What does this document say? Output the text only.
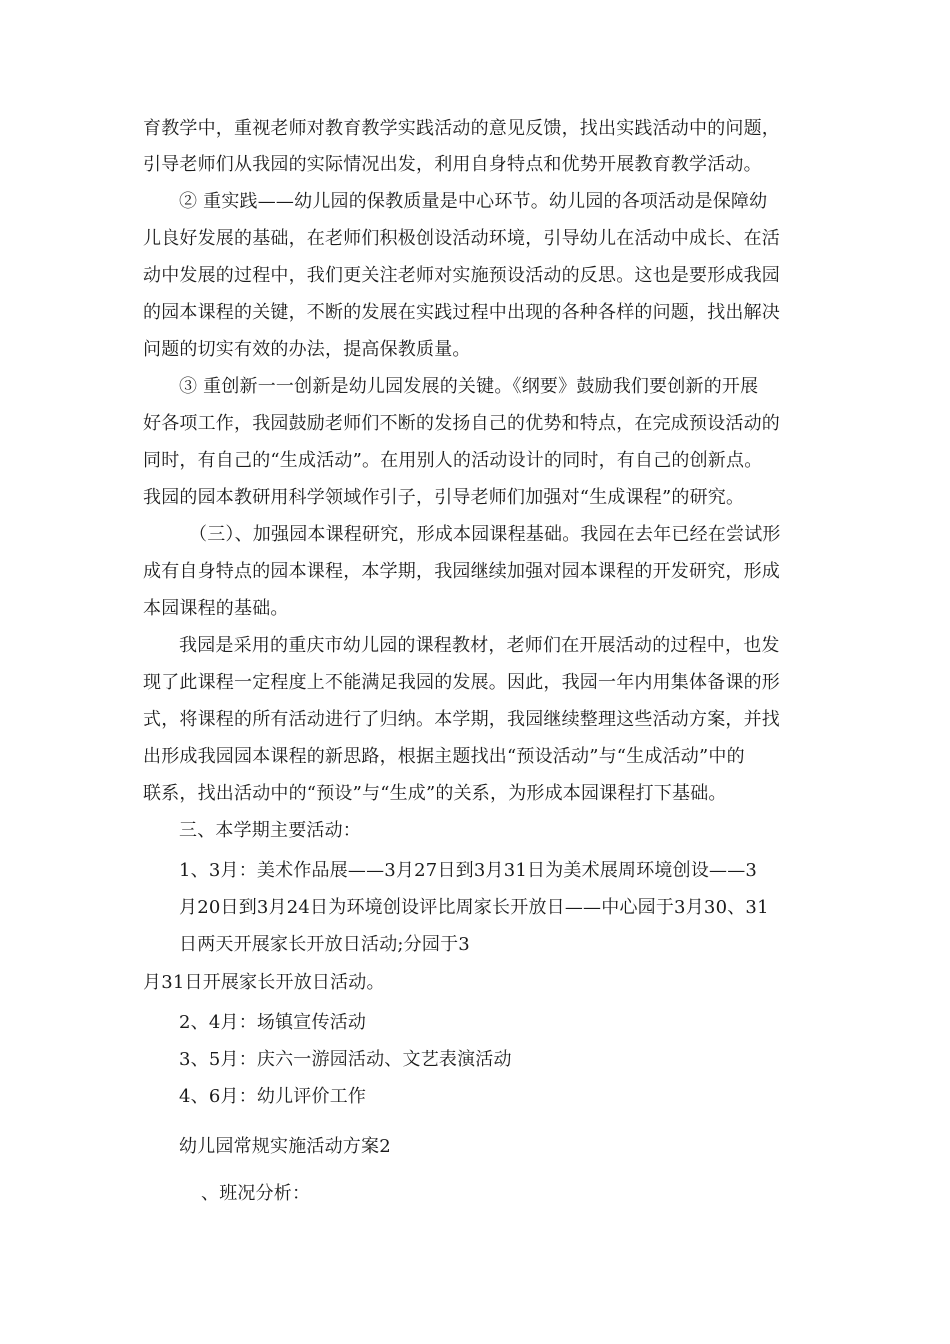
育教学中，重视老师对教育教学实践活动的意见反馈，找出实践活动中的问题，
引导老师们从我园的实际情况出发，利用自身特点和优势开展教育教学活动。
② 重实践——幼儿园的保教质量是中心环节。幼儿园的各项活动是保障幼
儿良好发展的基础，在老师们积极创设活动环境，引导幼儿在活动中成长、在活
动中发展的过程中，我们更关注老师对实施预设活动的反思。这也是要形成我园
的园本课程的关键，不断的发展在实践过程中出现的各种各样的问题，找出解决
问题的切实有效的办法，提高保教质量。
③ 重创新一一创新是幼儿园发展的关键。《纲要》鼓励我们要创新的开展
好各项工作，我园鼓励老师们不断的发扬自己的优势和特点，在完成预设活动的
同时，有自己的“生成活动”。在用别人的活动设计的同时，有自己的创新点。
我园的园本教研用科学领域作引子，引导老师们加强对“生成课程”的研究。
（三）、加强园本课程研究，形成本园课程基础。我园在去年已经在尝试形
成有自身特点的园本课程，本学期，我园继续加强对园本课程的开发研究，形成
本园课程的基础。
我园是采用的重庆市幼儿园的课程教材，老师们在开展活动的过程中，也发
现了此课程一定程度上不能满足我园的发展。因此，我园一年内用集体备课的形
式，将课程的所有活动进行了归纳。本学期，我园继续整理这些活动方案，并找
出形成我园园本课程的新思路，根据主题找出“预设活动”与“生成活动”中的
联系，找出活动中的“预设”与“生成”的关系，为形成本园课程打下基础。
三、本学期主要活动：
1、3月：美术作品展——3月27日到3月31日为美术展周环境创设——3
月20日到3月24日为环境创设评比周家长开放日——中心园于3月30、31
日两天开展家长开放日活动;分园于3
月31日开展家长开放日活动。
2、4月：场镇宣传活动
3、5月：庆六一游园活动、文艺表演活动
4、6月：幼儿评价工作
幼儿园常规实施活动方案2
、班况分析：
